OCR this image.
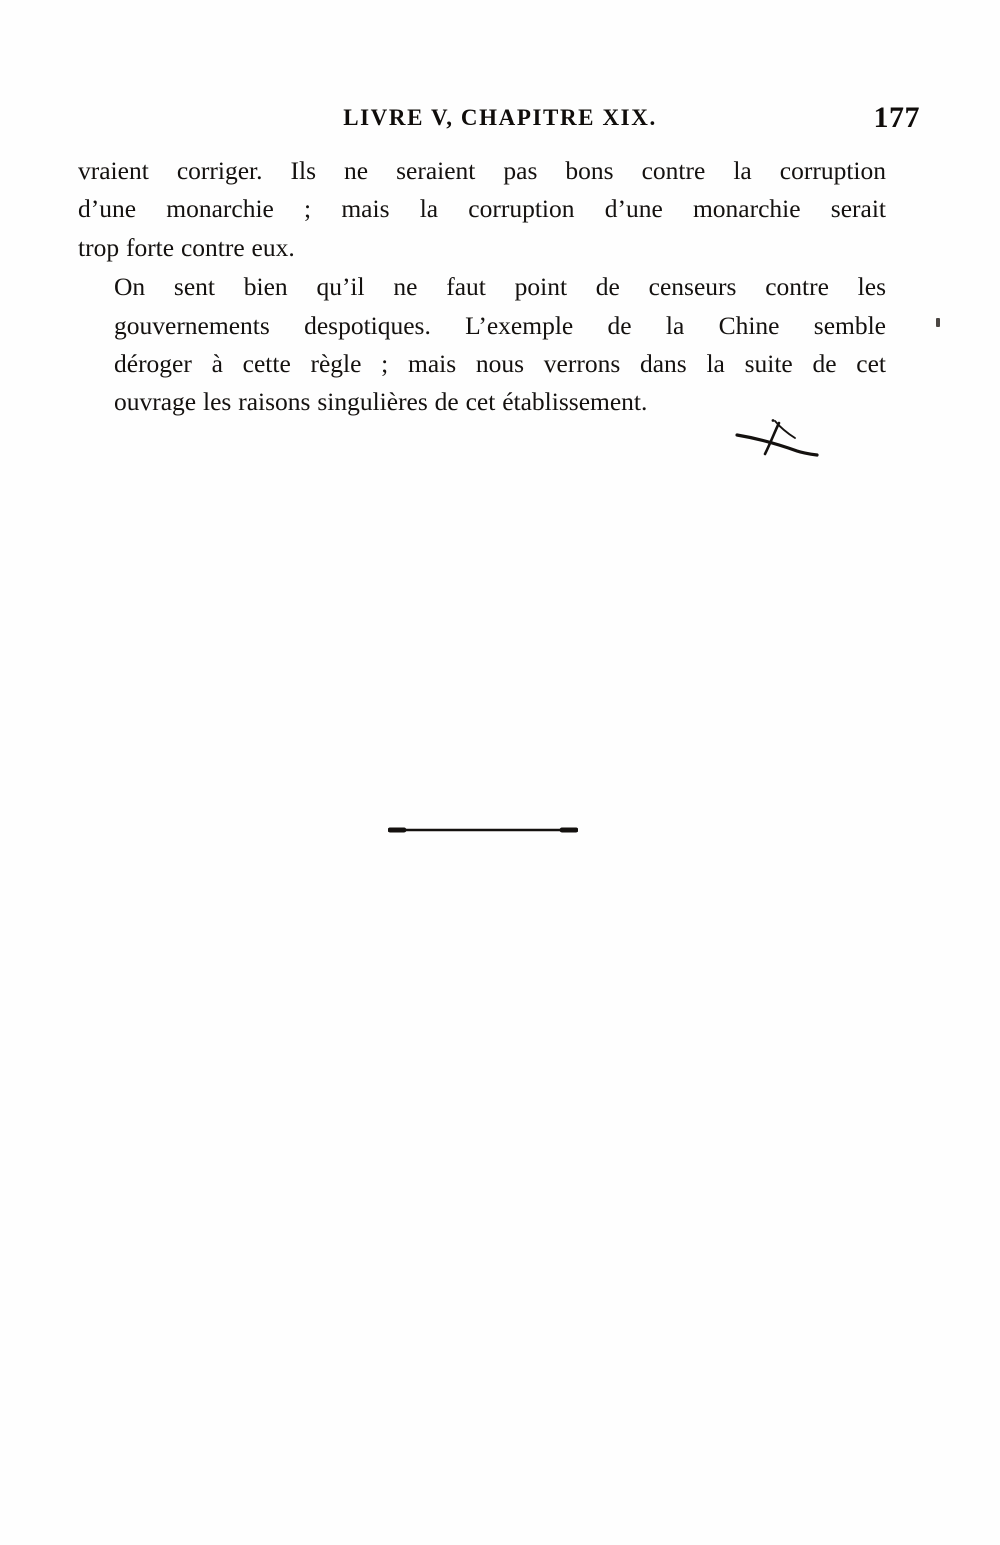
LIVRE V, CHAPITRE XIX.	177

vraient corriger. Ils ne seraient pas bons contre la corruption
d’une monarchie ; mais la corruption d’une monarchie serait
trop forte contre eux.

On sent bien qu’il ne faut point de censeurs contre les
gouvernements despotiques. L’exemple de la Chine semble
déroger à cette règle ; mais nous verrons dans la suite de cet
ouvrage les raisons singulières de cet établissement.
